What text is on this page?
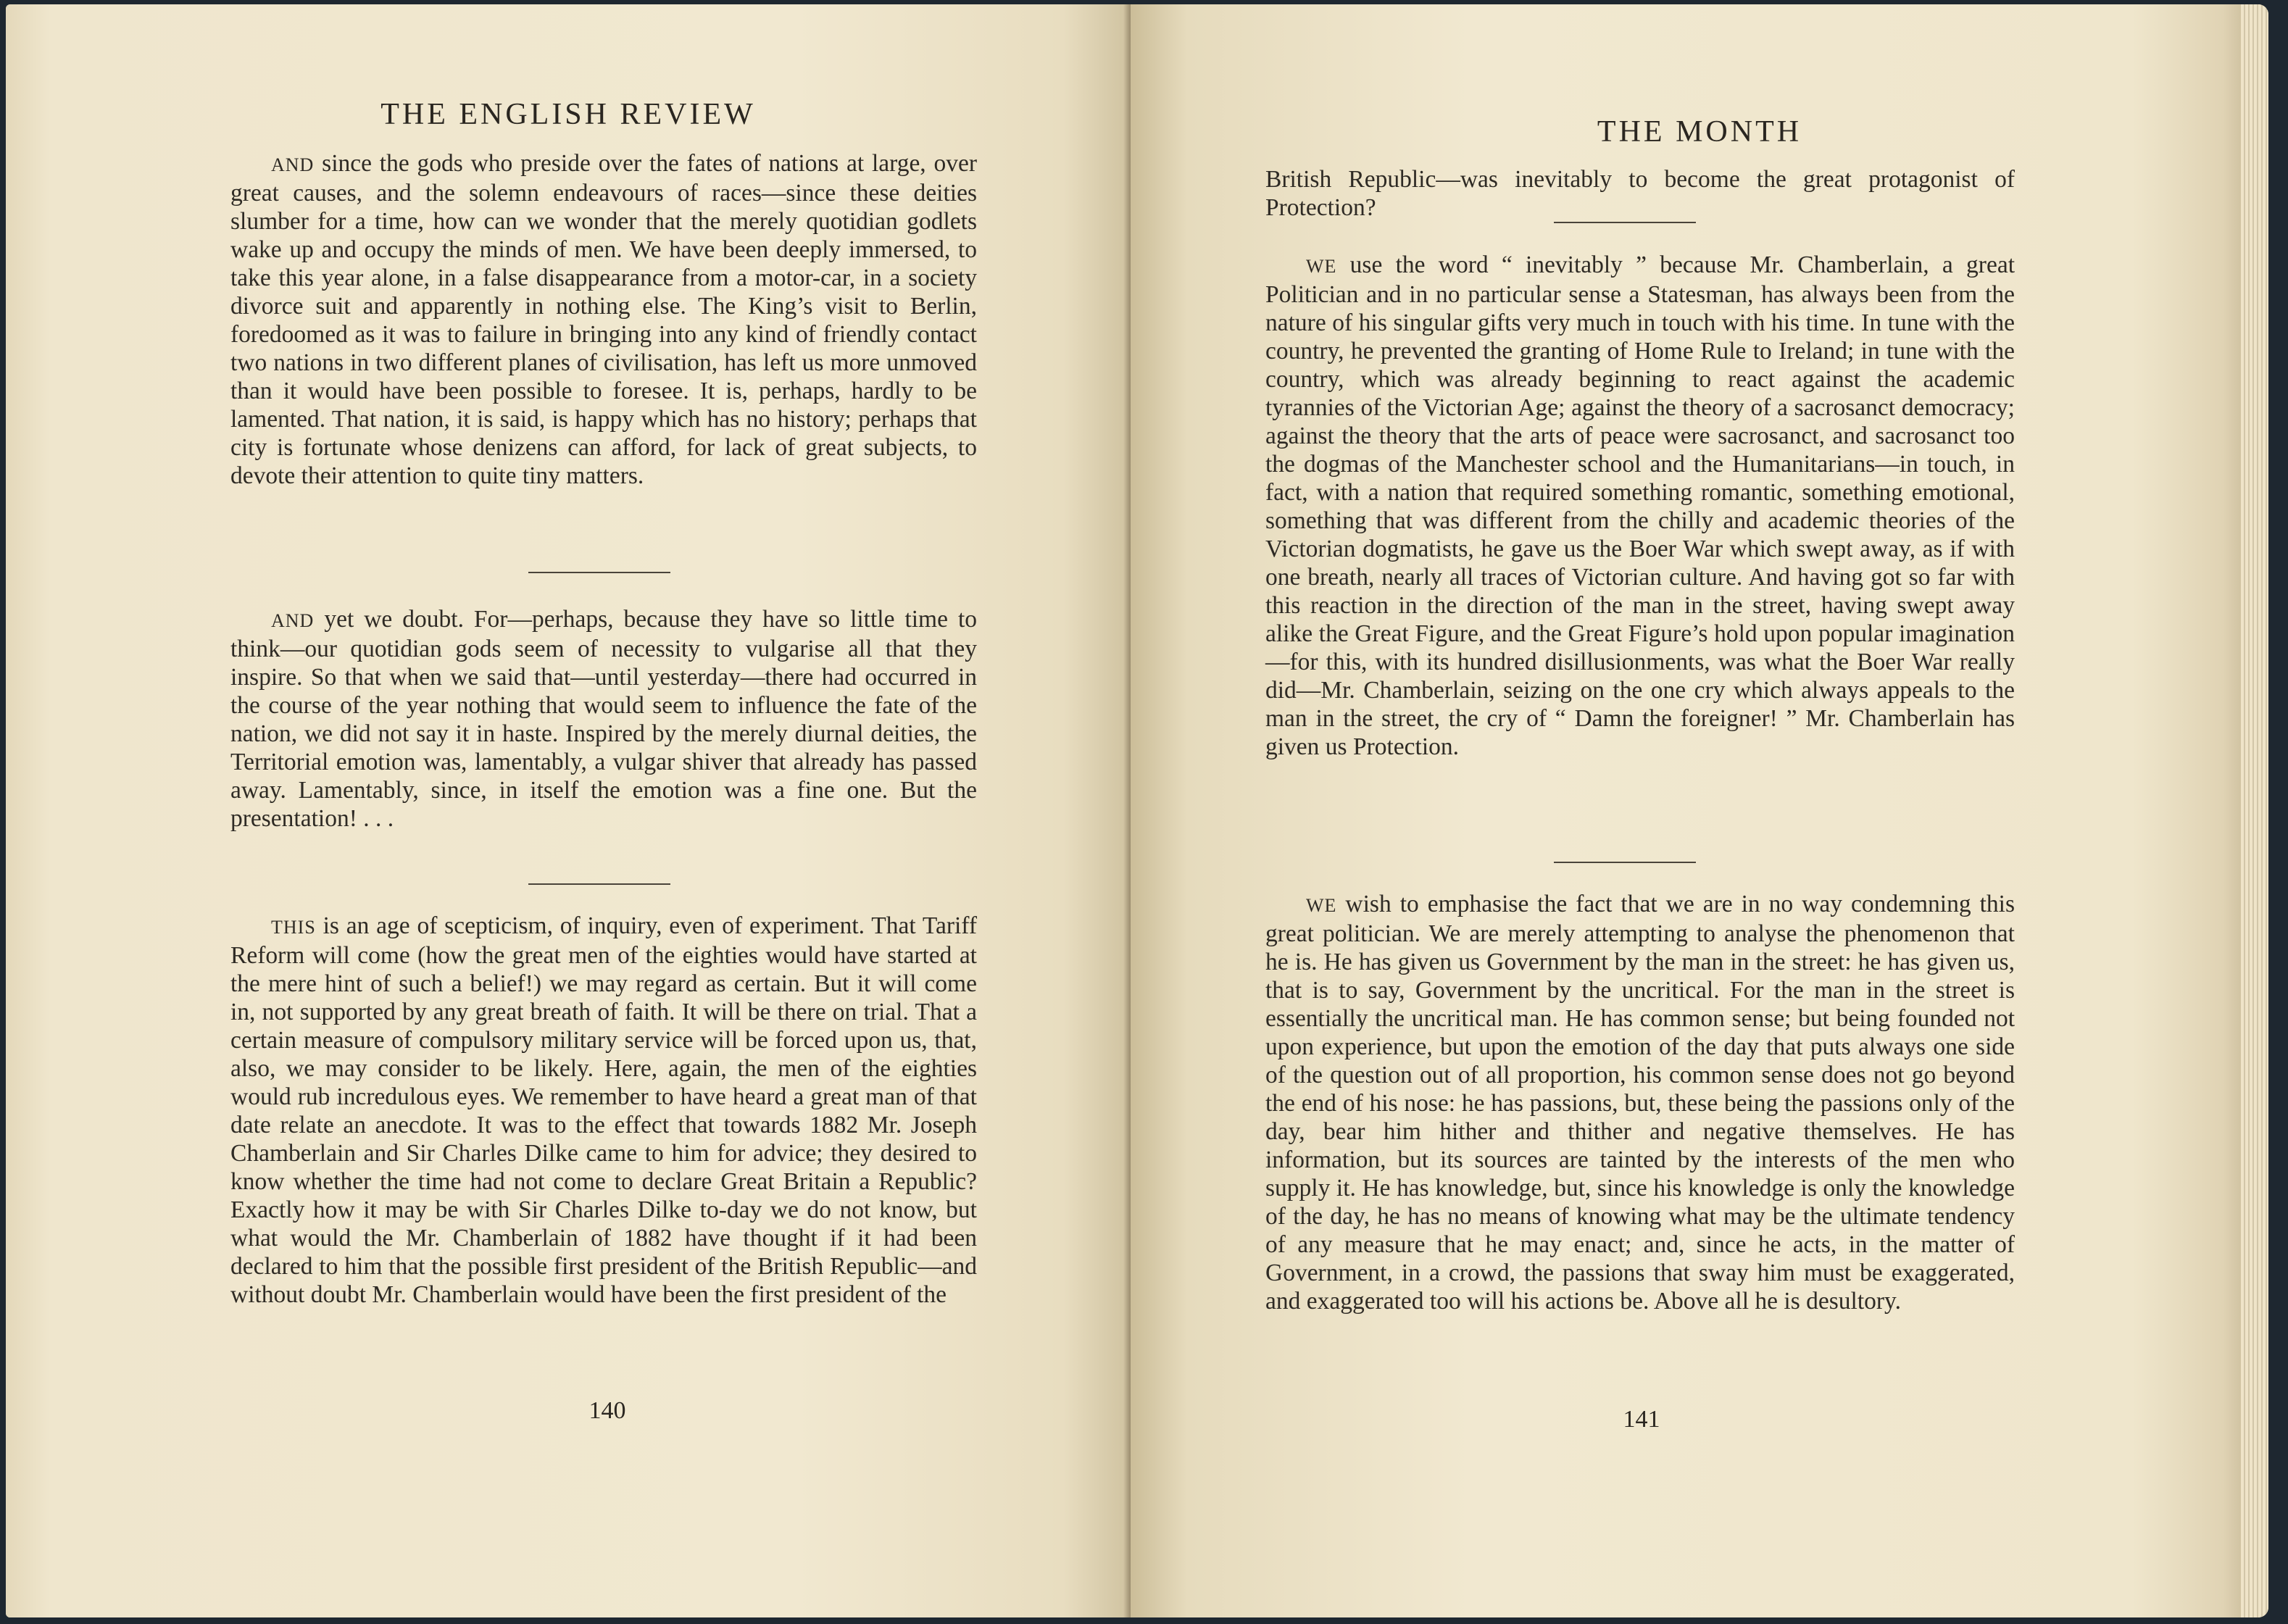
THE ENGLISH REVIEW

AND since the gods who preside over the fates of nations at large, over great causes, and the solemn endeavours of races—since these deities slumber for a time, how can we wonder that the merely quotidian godlets wake up and occupy the minds of men. We have been deeply immersed, to take this year alone, in a false disappearance from a motor-car, in a society divorce suit and apparently in nothing else. The King’s visit to Berlin, foredoomed as it was to failure in bringing into any kind of friendly contact two nations in two different planes of civilisation, has left us more unmoved than it would have been possible to foresee. It is, perhaps, hardly to be lamented. That nation, it is said, is happy which has no history; perhaps that city is fortunate whose denizens can afford, for lack of great subjects, to devote their attention to quite tiny matters.

AND yet we doubt. For—perhaps, because they have so little time to think—our quotidian gods seem of necessity to vulgarise all that they inspire. So that when we said that—until yesterday—there had occurred in the course of the year nothing that would seem to influence the fate of the nation, we did not say it in haste. Inspired by the merely diurnal deities, the Territorial emotion was, lamentably, a vulgar shiver that already has passed away. Lamentably, since, in itself the emotion was a fine one. But the presentation! . . .

THIS is an age of scepticism, of inquiry, even of experiment. That Tariff Reform will come (how the great men of the eighties would have started at the mere hint of such a belief!) we may regard as certain. But it will come in, not supported by any great breath of faith. It will be there on trial. That a certain measure of compulsory military service will be forced upon us, that, also, we may consider to be likely. Here, again, the men of the eighties would rub incredulous eyes. We remember to have heard a great man of that date relate an anecdote. It was to the effect that towards 1882 Mr. Joseph Chamberlain and Sir Charles Dilke came to him for advice; they desired to know whether the time had not come to declare Great Britain a Republic? Exactly how it may be with Sir Charles Dilke to-day we do not know, but what would the Mr. Chamberlain of 1882 have thought if it had been declared to him that the possible first president of the British Republic—and without doubt Mr. Chamberlain would have been the first president of the

140
THE MONTH

British Republic—was inevitably to become the great protagonist of Protection?

WE use the word “ inevitably ” because Mr. Chamberlain, a great Politician and in no particular sense a Statesman, has always been from the nature of his singular gifts very much in touch with his time. In tune with the country, he prevented the granting of Home Rule to Ireland; in tune with the country, which was already beginning to react against the academic tyrannies of the Victorian Age; against the theory of a sacrosanct democracy; against the theory that the arts of peace were sacrosanct, and sacrosanct too the dogmas of the Manchester school and the Humanitarians—in touch, in fact, with a nation that required something romantic, something emotional, something that was different from the chilly and academic theories of the Victorian dogmatists, he gave us the Boer War which swept away, as if with one breath, nearly all traces of Victorian culture. And having got so far with this reaction in the direction of the man in the street, having swept away alike the Great Figure, and the Great Figure’s hold upon popular imagination—for this, with its hundred disillusionments, was what the Boer War really did—Mr. Chamberlain, seizing on the one cry which always appeals to the man in the street, the cry of “ Damn the foreigner! ” Mr. Chamberlain has given us Protection.

WE wish to emphasise the fact that we are in no way condemning this great politician. We are merely attempting to analyse the phenomenon that he is. He has given us Government by the man in the street: he has given us, that is to say, Government by the uncritical. For the man in the street is essentially the uncritical man. He has common sense; but being founded not upon experience, but upon the emotion of the day that puts always one side of the question out of all proportion, his common sense does not go beyond the end of his nose: he has passions, but, these being the passions only of the day, bear him hither and thither and negative themselves. He has information, but its sources are tainted by the interests of the men who supply it. He has knowledge, but, since his knowledge is only the knowledge of the day, he has no means of knowing what may be the ultimate tendency of any measure that he may enact; and, since he acts, in the matter of Government, in a crowd, the passions that sway him must be exaggerated, and exaggerated too will his actions be. Above all he is desultory.

141
